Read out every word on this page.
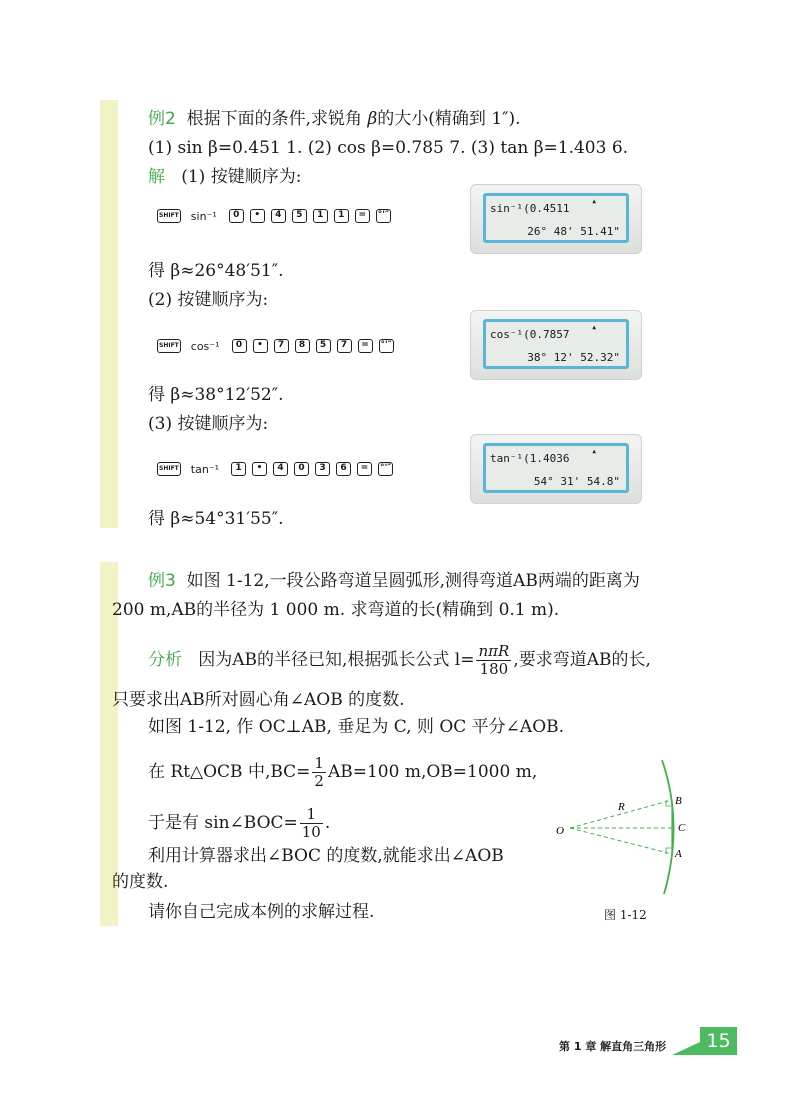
例2 根据下面的条件,求锐角 β的大小(精确到 1″).
(1) sin β=0.451 1. (2) cos β=0.785 7. (3) tan β=1.403 6.
解 (1) 按键顺序为:
SHIFT sin⁻¹	0	•	4	5	1	1	=	°'″
▲
sin⁻¹(0.4511
26° 48' 51.41"
得 β≈26°48′51″.
(2) 按键顺序为:
SHIFT cos⁻¹	0	•	7	8	5	7	=	°'″
▲
cos⁻¹(0.7857
38° 12' 52.32"
得 β≈38°12′52″.
(3) 按键顺序为:
SHIFT tan⁻¹	1	•	4	0	3	6	=	°'″
▲
tan⁻¹(1.4036
54° 31' 54.8"
得 β≈54°31′55″.
例3 如图 1-12,一段公路弯道呈圆弧形,测得弯道AB两端的距离为
200 m,AB的半径为 1 000 m. 求弯道的长(精确到 0.1 m).
分析 因为AB的半径已知,根据弧长公式 $l= \frac{\text{nπR}}{180}$ ,要求弯道AB的长,
只要求出AB所对圆心角∠AOB 的度数.
如图 1-12, 作 OC⊥AB, 垂足为 C, 则 OC 平分∠AOB.
在 Rt△OCB 中$,BC= \frac{1}{2} AB=100$ m,OB=1000 m,
于是有 sin∠BOC= $\frac{1}{10}$ .
利用计算器求出∠BOC 的度数,就能求出∠AOB
的度数.
请你自己完成本例的求解过程.
O
R	B
C
A
图 1-12
第 1 章 解直角三角形	15
